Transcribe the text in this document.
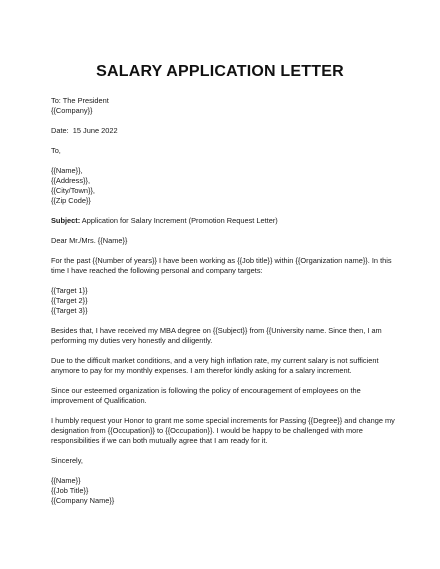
SALARY APPLICATION LETTER
To: The President
{{Company}}
Date: 15 June 2022
To,
{{Name}},
{{Address}},
{{City/Town}},
{{Zip Code}}
Subject: Application for Salary Increment (Promotion Request Letter)
Dear Mr./Mrs. {{Name}}
For the past {{Number of years}} I have been working as {{Job title}} within {{Organization name}}. In this
time I have reached the following personal and company targets:
{{Target 1}}
{{Target 2}}
{{Target 3}}
Besides that, I have received my MBA degree on {{Subject}} from {{University name. Since then, I am
performing my duties very honestly and diligently.
Due to the difficult market conditions, and a very high inflation rate, my current salary is not sufficient
anymore to pay for my monthly expenses. I am therefor kindly asking for a salary increment.
Since our esteemed organization is following the policy of encouragement of employees on the
improvement of Qualification.
I humbly request your Honor to grant me some special increments for Passing {{Degree}} and change my
designation from {{Occupation}} to {{Occupation}}. I would be happy to be challenged with more
responsibilities if we can both mutually agree that I am ready for it.
Sincerely,
{{Name}}
{{Job Title}}
{{Company Name}}
